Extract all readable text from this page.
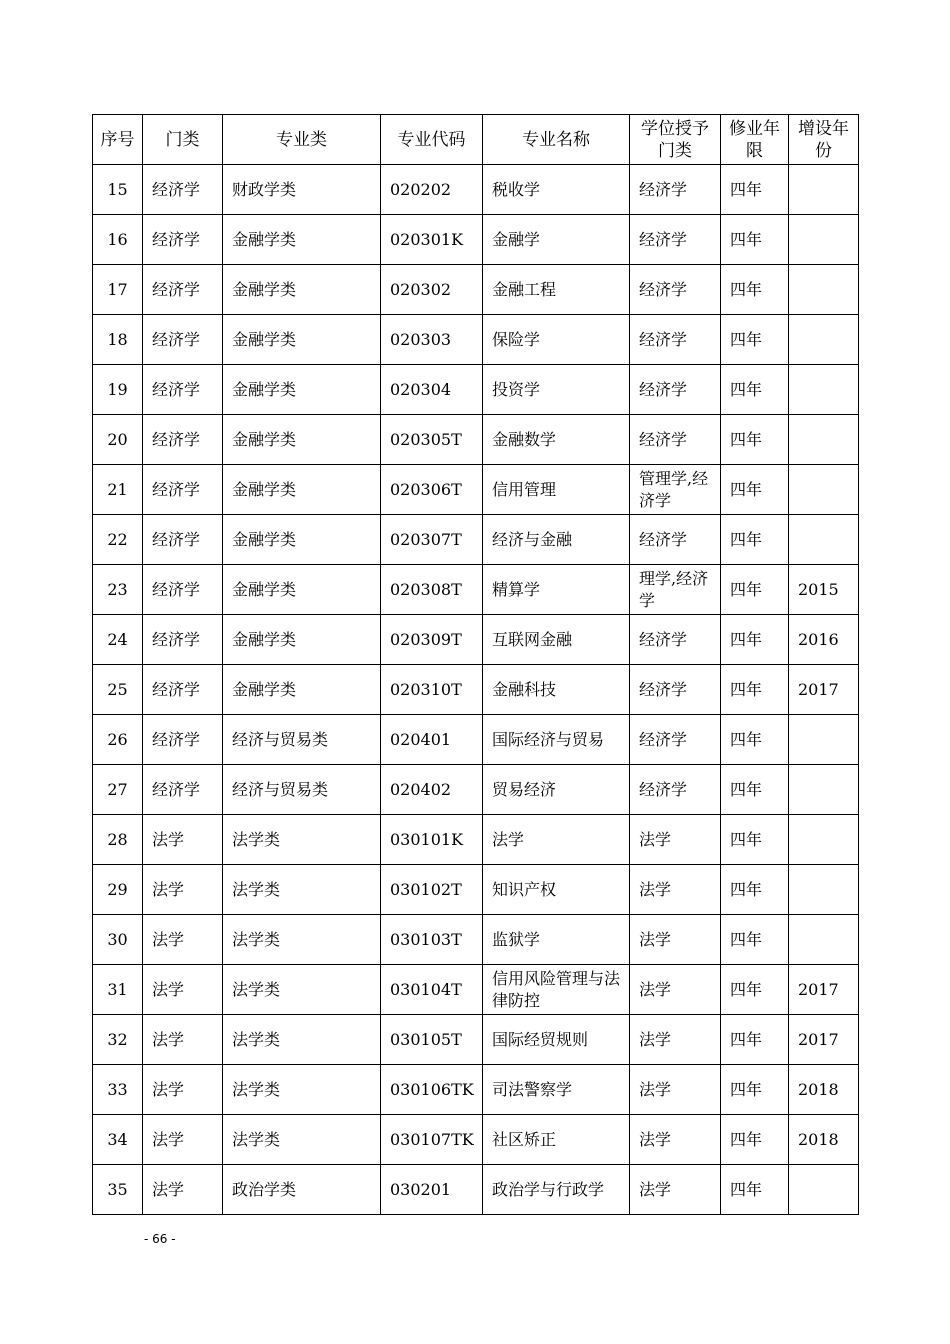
序号	门类	专业类	专业代码	专业名称	学位授予门类	修业年限	增设年份
15	经济学	财政学类	020202	税收学	经济学	四年	
16	经济学	金融学类	020301K	金融学	经济学	四年	
17	经济学	金融学类	020302	金融工程	经济学	四年	
18	经济学	金融学类	020303	保险学	经济学	四年	
19	经济学	金融学类	020304	投资学	经济学	四年	
20	经济学	金融学类	020305T	金融数学	经济学	四年	
21	经济学	金融学类	020306T	信用管理	管理学,经济学	四年	
22	经济学	金融学类	020307T	经济与金融	经济学	四年	
23	经济学	金融学类	020308T	精算学	理学,经济学	四年	2015
24	经济学	金融学类	020309T	互联网金融	经济学	四年	2016
25	经济学	金融学类	020310T	金融科技	经济学	四年	2017
26	经济学	经济与贸易类	020401	国际经济与贸易	经济学	四年	
27	经济学	经济与贸易类	020402	贸易经济	经济学	四年	
28	法学	法学类	030101K	法学	法学	四年	
29	法学	法学类	030102T	知识产权	法学	四年	
30	法学	法学类	030103T	监狱学	法学	四年	
31	法学	法学类	030104T	信用风险管理与法律防控	法学	四年	2017
32	法学	法学类	030105T	国际经贸规则	法学	四年	2017
33	法学	法学类	030106TK	司法警察学	法学	四年	2018
34	法学	法学类	030107TK	社区矫正	法学	四年	2018
35	法学	政治学类	030201	政治学与行政学	法学	四年	
- 66 -
